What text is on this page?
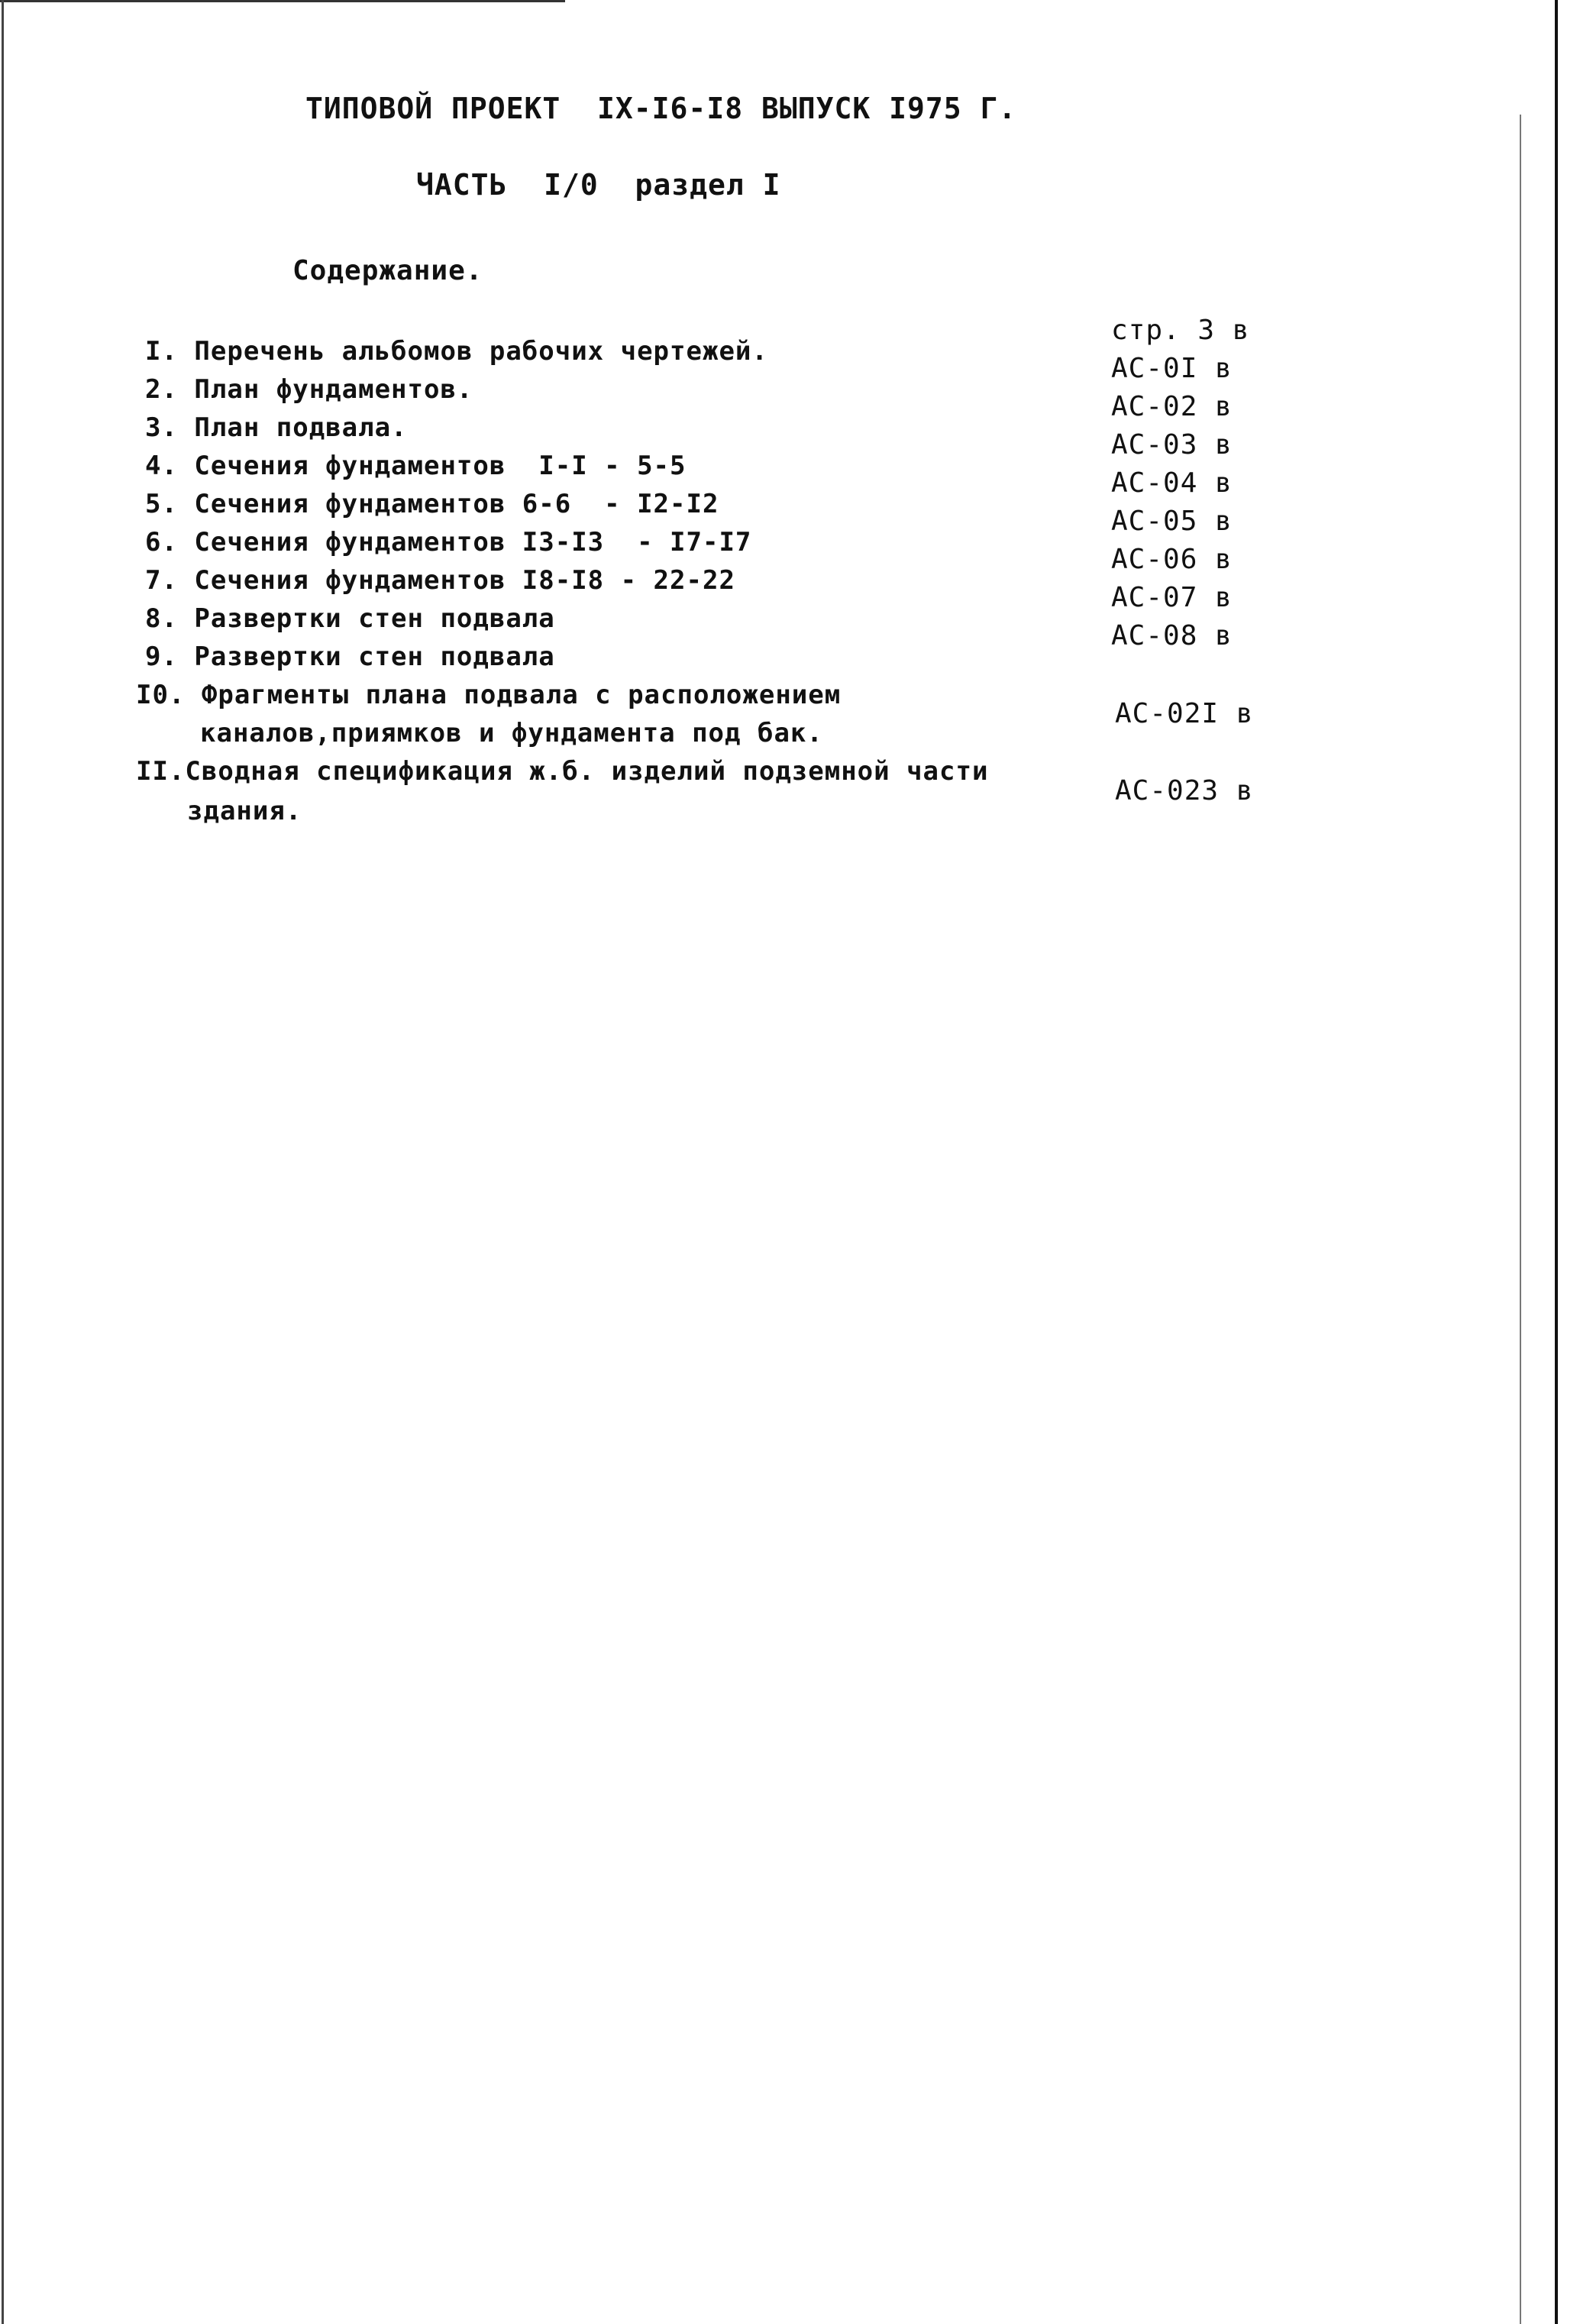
ТИПОВОЙ ПРОЕКТ  IX-I6-I8 ВЫПУСК I975 Г.
ЧАСТЬ  I/0  раздел I
Содержание.
I. Перечень альбомов рабочих чертежей.
стр. 3 в
2. План фундаментов.
АС-0I в
3. План подвала.
АС-02 в
4. Сечения фундаментов  I-I - 5-5
АС-03 в
5. Сечения фундаментов 6-6  - I2-I2
АС-04 в
6. Сечения фундаментов I3-I3  - I7-I7
АС-05 в
7. Сечения фундаментов I8-I8 - 22-22
АС-06 в
8. Развертки стен подвала
АС-07 в
9. Развертки стен подвала
АС-08 в
I0. Фрагменты плана подвала с расположением
каналов,приямков и фундамента под бак.
АС-02I в
II.Сводная спецификация ж.б. изделий подземной части
здания.
АС-023 в
